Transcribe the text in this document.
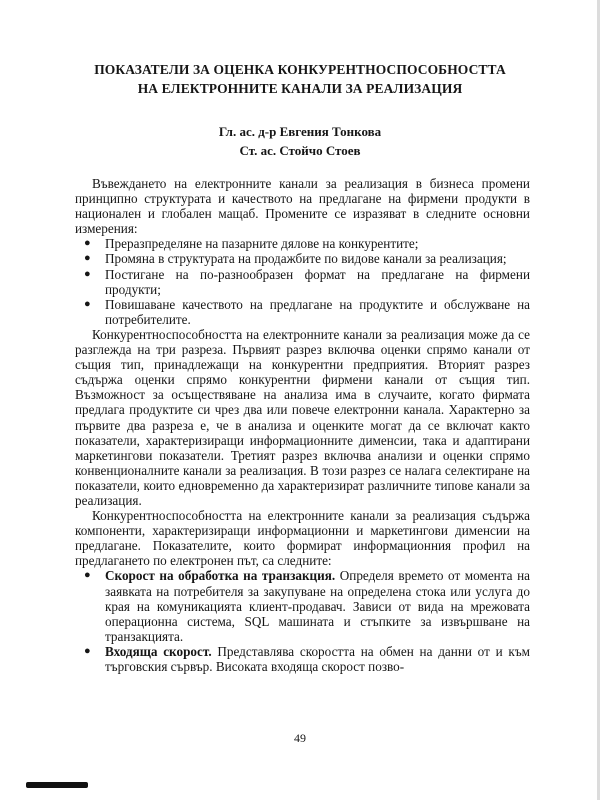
ПОКАЗАТЕЛИ ЗА ОЦЕНКА КОНКУРЕНТНОСПОСОБНОСТТА
НА ЕЛЕКТРОННИТЕ КАНАЛИ ЗА РЕАЛИЗАЦИЯ
Гл. ас. д-р Евгения Тонкова
Ст. ас. Стойчо Стоев

Въвеждането на електронните канали за реализация в бизнеса промени принципно структурата и качеството на предлагане на фирмени продукти в национален и глобален мащаб. Промените се изразяват в следните основни измерения:

● Преразпределяне на пазарните дялове на конкурентите;
● Промяна в структурата на продажбите по видове канали за реализация;
● Постигане на по-разнообразен формат на предлагане на фирмени продукти;
● Повишаване качеството на предлагане на продуктите и обслужване на потребителите.

Конкурентноспособността на електронните канали за реализация може да се разглежда на три разреза. Първият разрез включва оценки спрямо канали от същия тип, принадлежащи на конкурентни предприятия. Вторият разрез съдържа оценки спрямо конкурентни фирмени канали от същия тип. Възможност за осъществяване на анализа има в случаите, когато фирмата предлага продуктите си чрез два или повече електронни канала. Характерно за първите два разреза е, че в анализа и оценките могат да се включат както показатели, характеризиращи информационните дименсии, така и адаптирани маркетингови показатели. Третият разрез включва анализи и оценки спрямо конвенционалните канали за реализация. В този разрез се налага селектиране на показатели, които едновременно да характеризират различните типове канали за реализация.

Конкурентноспособността на електронните канали за реализация съдържа компоненти, характеризиращи информационни и маркетингови дименсии на предлагане. Показателите, които формират информационния профил на предлагането по електронен път, са следните:

● Скорост на обработка на транзакция. Определя времето от момента на заявката на потребителя за закупуване на определена стока или услуга до края на комуникацията клиент-продавач. Зависи от вида на мрежовата операционна система, SQL машината и стъпките за извършване на транзакцията.
● Входяща скорост. Представлява скоростта на обмен на данни от и към търговския сървър. Високата входяща скорост позво-
49
